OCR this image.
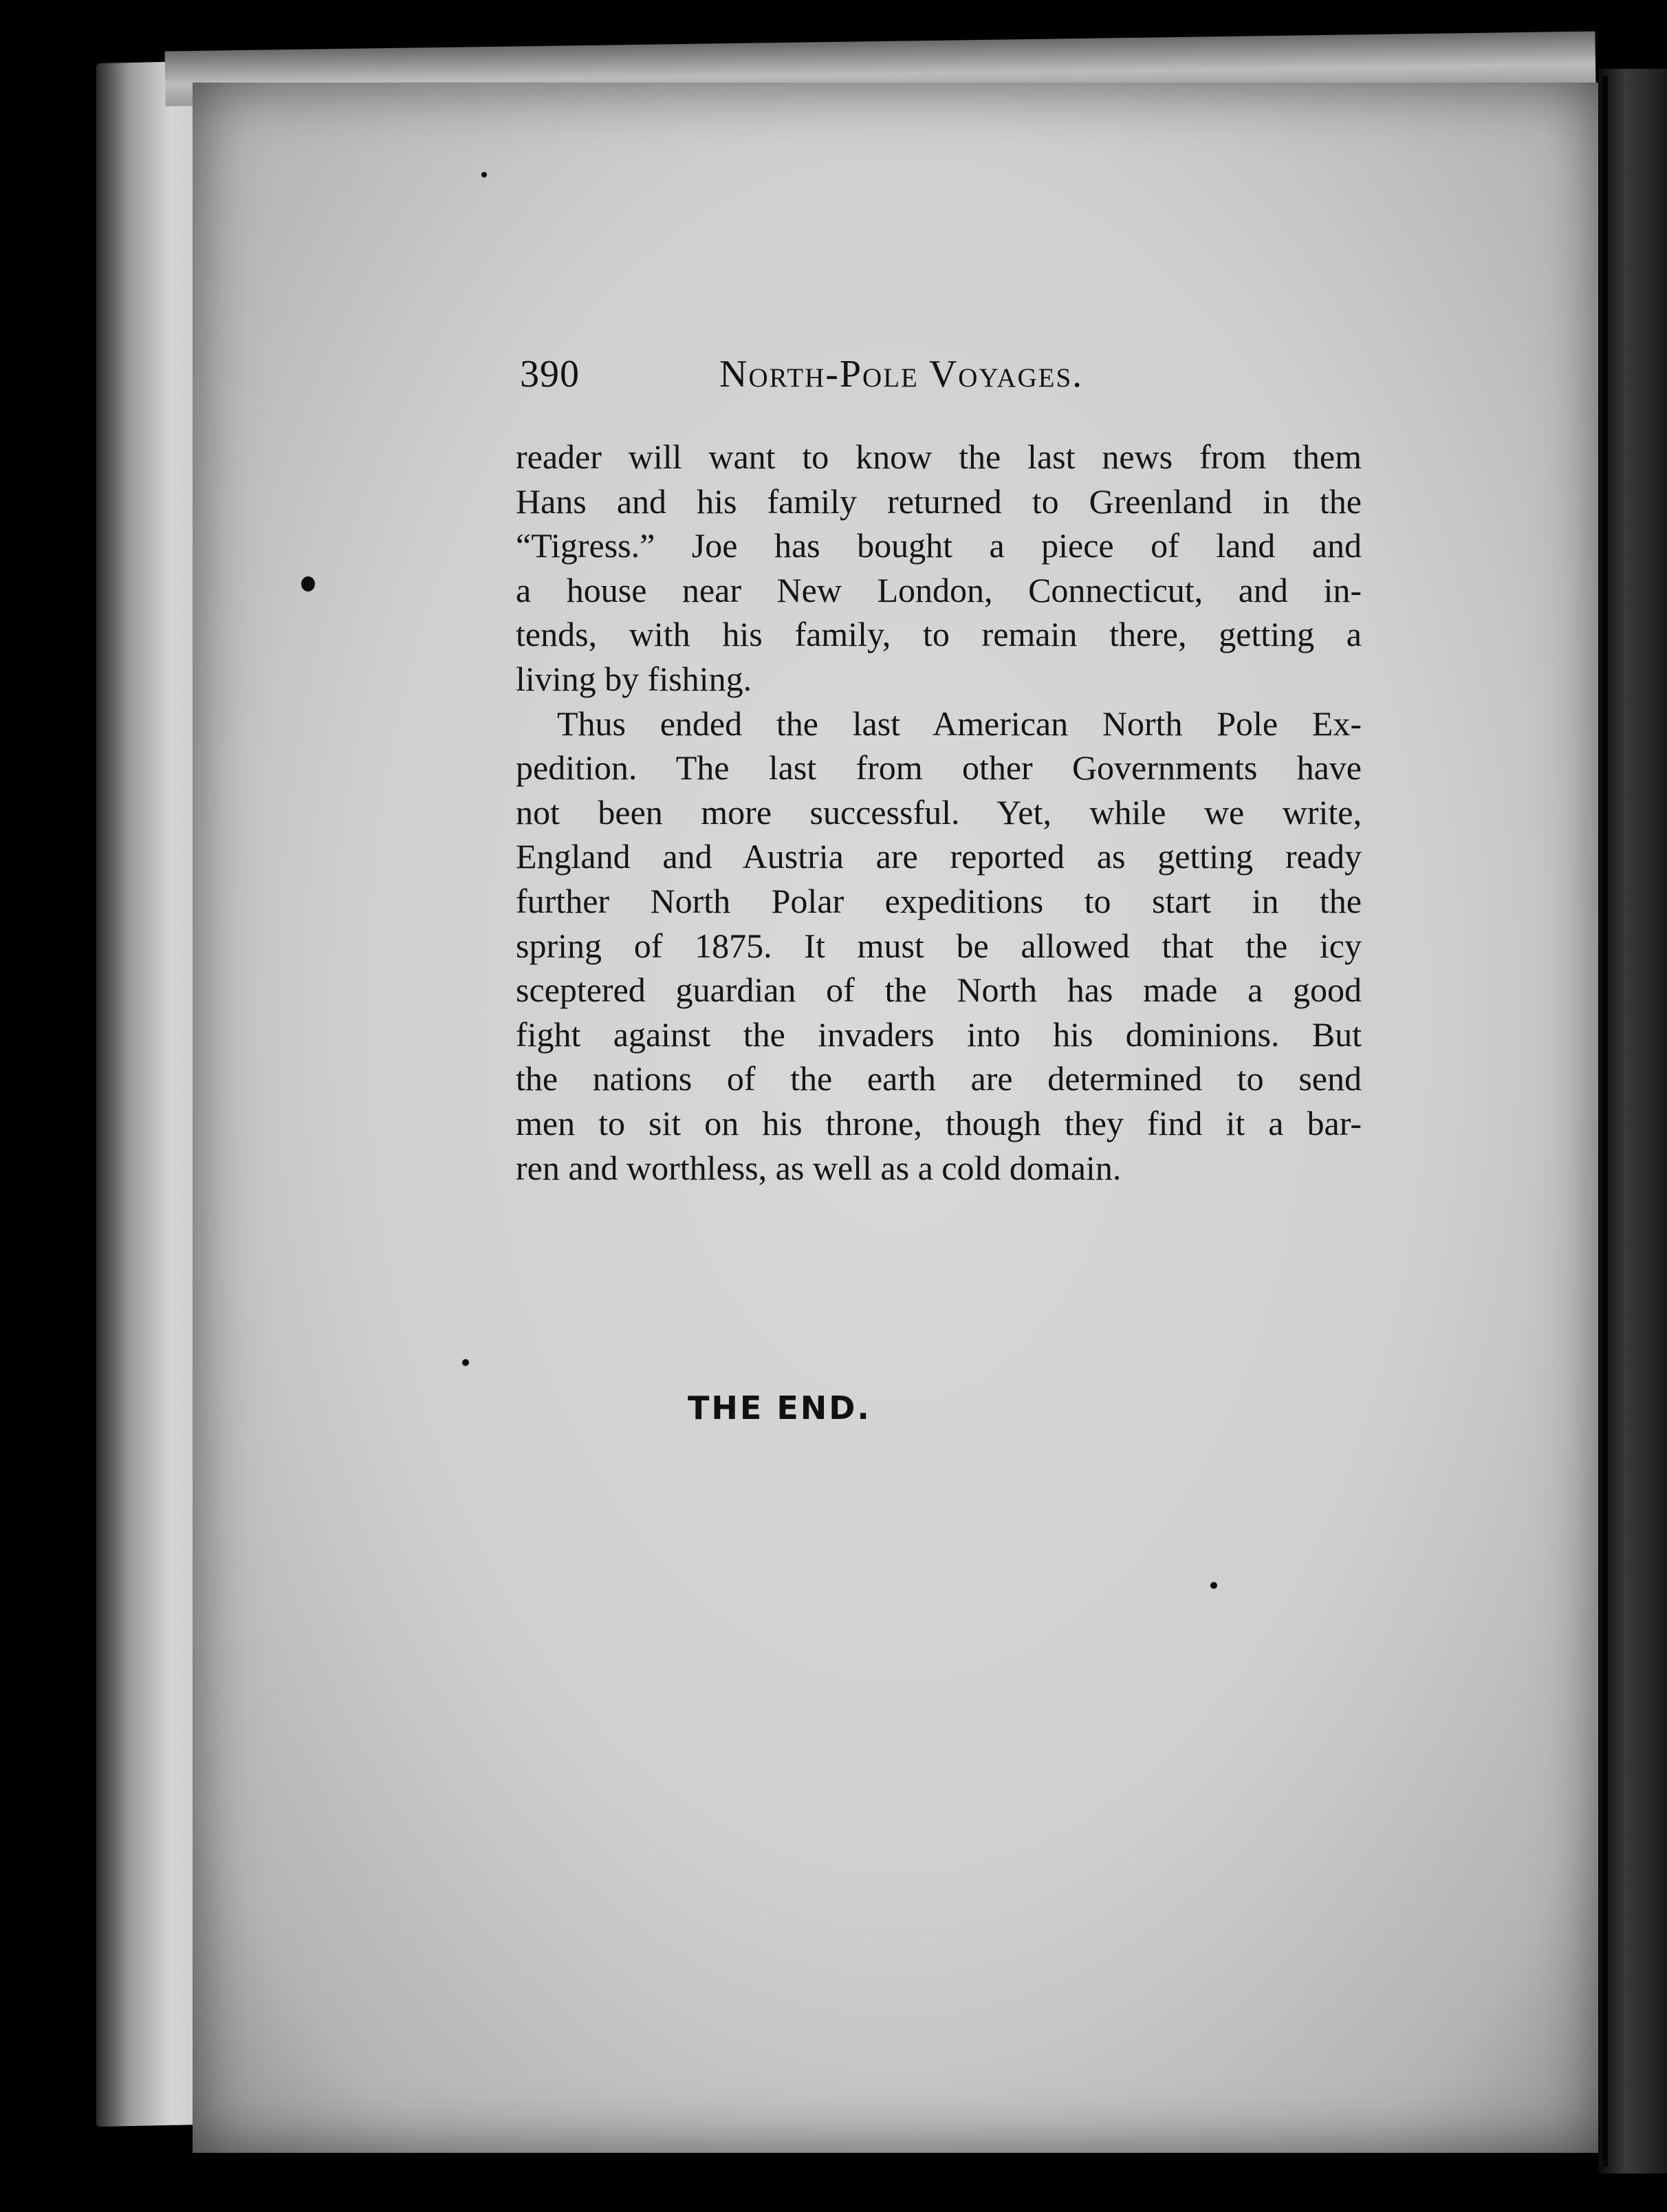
390	North-Pole Voyages.
reader will want to know the last news from them
Hans and his family returned to Greenland in the
“Tigress.” Joe has bought a piece of land and
a house near New London, Connecticut, and in-
tends, with his family, to remain there, getting a
living by fishing.
Thus ended the last American North Pole Ex-
pedition. The last from other Governments have
not been more successful. Yet, while we write,
England and Austria are reported as getting ready
further North Polar expeditions to start in the
spring of 1875. It must be allowed that the icy
sceptered guardian of the North has made a good
fight against the invaders into his dominions. But
the nations of the earth are determined to send
men to sit on his throne, though they find it a bar-
ren and worthless, as well as a cold domain.
THE END.
